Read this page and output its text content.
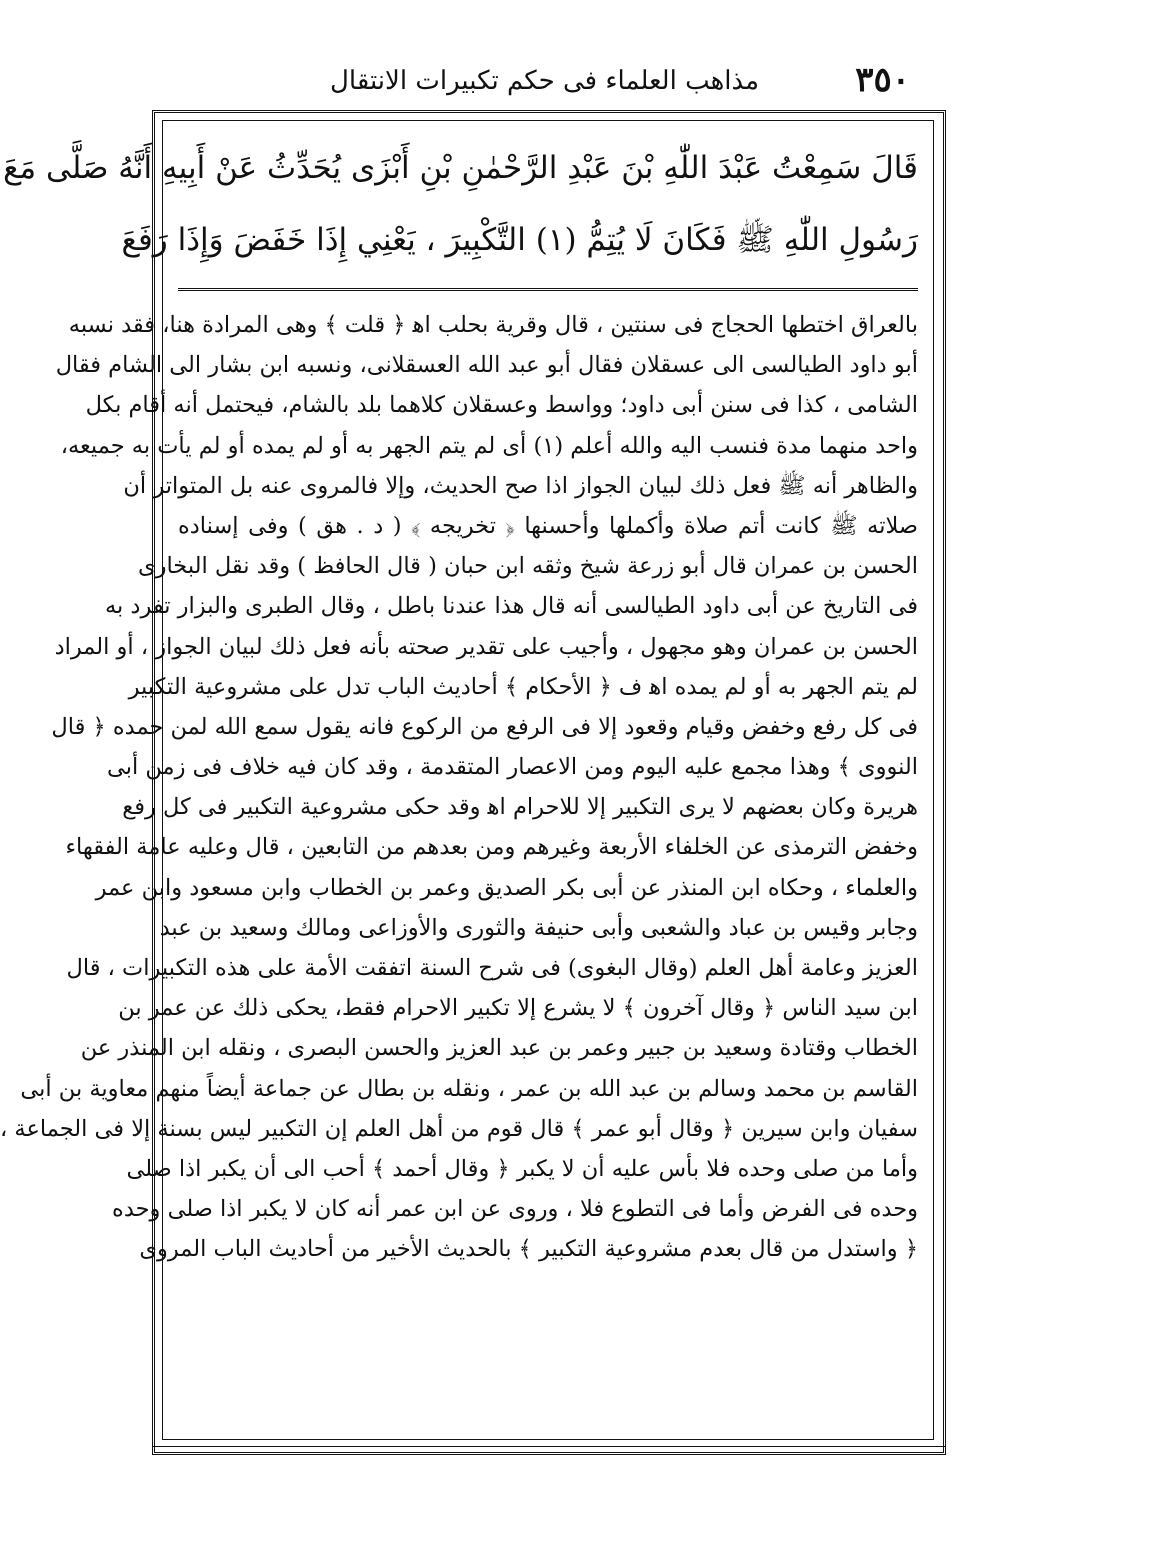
٣٥٠
مذاهب العلماء فى حكم تكبيرات الانتقال
قَالَ سَمِعْتُ عَبْدَ اللّٰهِ بْنَ عَبْدِ الرَّحْمٰنِ بْنِ أَبْزَى يُحَدِّثُ عَنْ أَبِيهِ أَنَّهُ صَلَّى مَعَ
رَسُولِ اللّٰهِ ﷺ فَكَانَ لَا يُتِمُّ (١) التَّكْبِيرَ ، يَعْنِي إِذَا خَفَضَ وَإِذَا رَفَعَ
بالعراق اختطها الحجاج فى سنتين ، قال وقرية بحلب اﻫ ﴿ قلت ﴾ وهى المرادة هنا، فقد نسبه
أبو داود الطيالسى الى عسقلان فقال أبو عبد الله العسقلانى، ونسبه ابن بشار الى الشام فقال
الشامى ، كذا فى سنن أبى داود؛ وواسط وعسقلان كلاهما بلد بالشام، فيحتمل أنه أقام بكل
واحد منهما مدة فنسب اليه والله أعلم (١) أى لم يتم الجهر به أو لم يمده أو لم يأت به جميعه،
والظاهر أنه ﷺ فعل ذلك لبيان الجواز اذا صح الحديث، وإلا فالمروى عنه بل المتواتر أن
صلاته ﷺ كانت أتم صلاة وأكملها وأحسنها ﴿ تخريجه ﴾ ( د . هق ) وفى إسناده
الحسن بن عمران قال أبو زرعة شيخ وثقه ابن حبان ( قال الحافظ ) وقد نقل البخارى
فى التاريخ عن أبى داود الطيالسى أنه قال هذا عندنا باطل ، وقال الطبرى والبزار تفرد به
الحسن بن عمران وهو مجهول ، وأجيب على تقدير صحته بأنه فعل ذلك لبيان الجواز ، أو المراد
لم يتم الجهر به أو لم يمده اﻫ ف ﴿ الأحكام ﴾ أحاديث الباب تدل على مشروعية التكبير
فى كل رفع وخفض وقيام وقعود إلا فى الرفع من الركوع فانه يقول سمع الله لمن حمده ﴿ قال
النووى ﴾ وهذا مجمع عليه اليوم ومن الاعصار المتقدمة ، وقد كان فيه خلاف فى زمن أبى
هريرة وكان بعضهم لا يرى التكبير إلا للاحرام اﻫ وقد حكى مشروعية التكبير فى كل رفع
وخفض الترمذى عن الخلفاء الأربعة وغيرهم ومن بعدهم من التابعين ، قال وعليه عامة الفقهاء
والعلماء ، وحكاه ابن المنذر عن أبى بكر الصديق وعمر بن الخطاب وابن مسعود وابن عمر
وجابر وقيس بن عباد والشعبى وأبى حنيفة والثورى والأوزاعى ومالك وسعيد بن عبد
العزيز وعامة أهل العلم (وقال البغوى) فى شرح السنة اتفقت الأمة على هذه التكبيرات ، قال
ابن سيد الناس ﴿ وقال آخرون ﴾ لا يشرع إلا تكبير الاحرام فقط، يحكى ذلك عن عمر بن
الخطاب وقتادة وسعيد بن جبير وعمر بن عبد العزيز والحسن البصرى ، ونقله ابن المنذر عن
القاسم بن محمد وسالم بن عبد الله بن عمر ، ونقله بن بطال عن جماعة أيضاً منهم معاوية بن أبى
سفيان وابن سيرين ﴿ وقال أبو عمر ﴾ قال قوم من أهل العلم إن التكبير ليس بسنة إلا فى الجماعة ،
وأما من صلى وحده فلا بأس عليه أن لا يكبر ﴿ وقال أحمد ﴾ أحب الى أن يكبر اذا صلى
وحده فى الفرض وأما فى التطوع فلا ، وروى عن ابن عمر أنه كان لا يكبر اذا صلى وحده
﴿ واستدل من قال بعدم مشروعية التكبير ﴾ بالحديث الأخير من أحاديث الباب المروى
